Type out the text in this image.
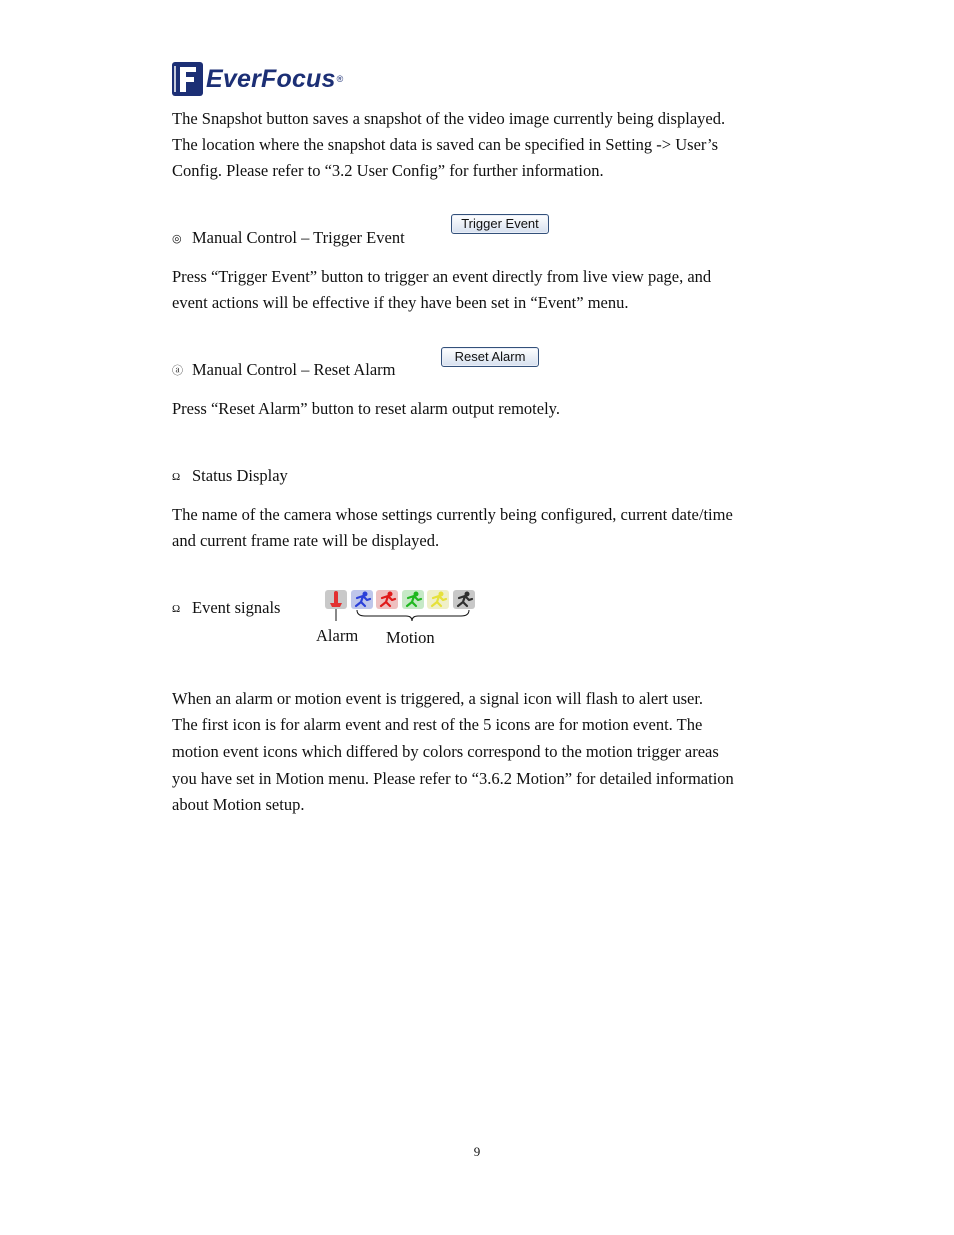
EverFocus ®

The Snapshot button saves a snapshot of the video image currently being displayed.

The location where the snapshot data is saved can be specified in Setting -> User’s

Config. Please refer to “3.2 User Config” for further information.

◎ Manual Control – Trigger Event
Trigger Event

Press “Trigger Event” button to trigger an event directly from live view page, and

event actions will be effective if they have been set in “Event” menu.

ⓐ Manual Control – Reset Alarm
Reset Alarm

Press “Reset Alarm” button to reset alarm output remotely.

Ω Status Display

The name of the camera whose settings currently being configured, current date/time

and current frame rate will be displayed.

Ω Event signals
Alarm Motion

When an alarm or motion event is triggered, a signal icon will flash to alert user.

The first icon is for alarm event and rest of the 5 icons are for motion event. The

motion event icons which differed by colors correspond to the motion trigger areas

you have set in Motion menu. Please refer to “3.6.2 Motion” for detailed information

about Motion setup.

9
